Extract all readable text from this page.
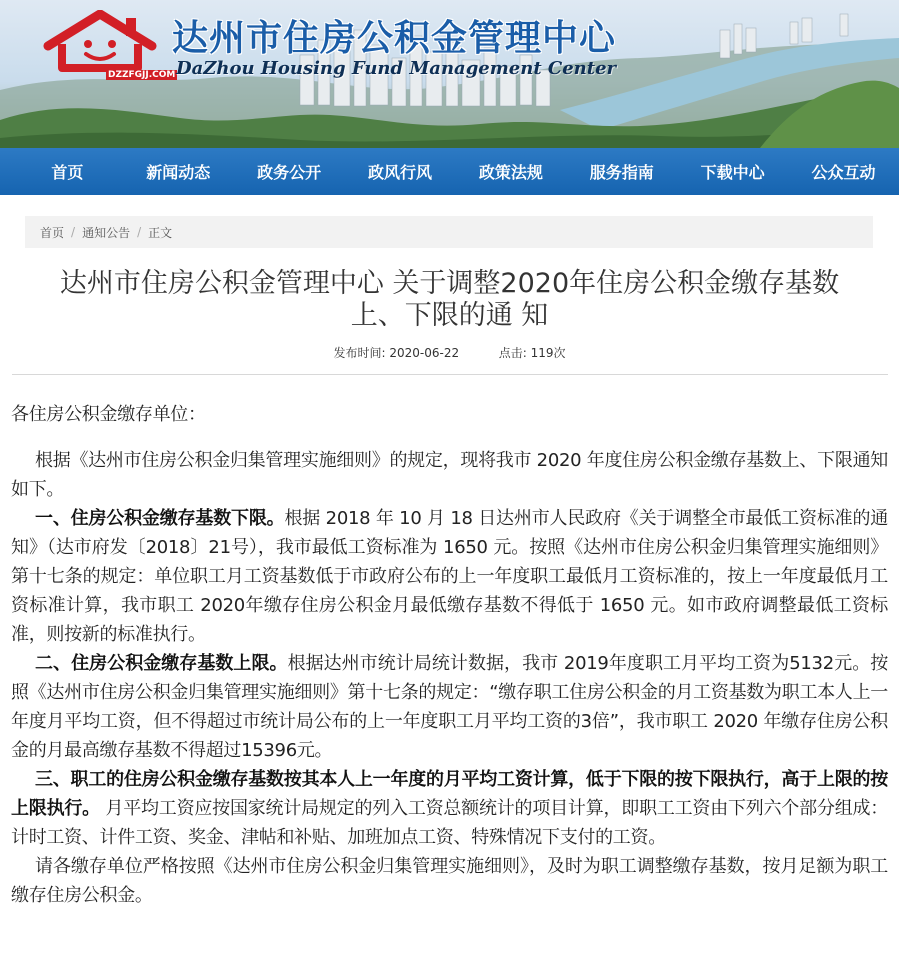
DZZFGJJ.COM
达州市住房公积金管理中心
DaZhou Housing Fund Management Center
首页	新闻动态	政务公开	政风行风	政策法规	服务指南	下载中心	公众互动
首页 / 通知公告 / 正文
达州市住房公积金管理中心 关于调整2020年住房公积金缴存基数
上、下限的通 知
发布时间: 2020-06-22	点击: 119次

各住房公积金缴存单位：

根据《达州市住房公积金归集管理实施细则》的规定，现将我市 2020 年度住房公积金缴存基数上、下限通知如下。

一、住房公积金缴存基数下限。根据 2018 年 10 月 18 日达州市人民政府《关于调整全市最低工资标准的通知》（达市府发〔2018〕21号），我市最低工资标准为 1650 元。按照《达州市住房公积金归集管理实施细则》第十七条的规定：单位职工月工资基数低于市政府公布的上一年度职工最低月工资标准的，按上一年度最低月工资标准计算，我市职工 2020年缴存住房公积金月最低缴存基数不得低于 1650 元。如市政府调整最低工资标准，则按新的标准执行。

二、住房公积金缴存基数上限。根据达州市统计局统计数据，我市 2019年度职工月平均工资为5132元。按照《达州市住房公积金归集管理实施细则》第十七条的规定：“缴存职工住房公积金的月工资基数为职工本人上一年度月平均工资，但不得超过市统计局公布的上一年度职工月平均工资的3倍”，我市职工 2020 年缴存住房公积金的月最高缴存基数不得超过15396元。

三、职工的住房公积金缴存基数按其本人上一年度的月平均工资计算，低于下限的按下限执行，高于上限的按上限执行。 月平均工资应按国家统计局规定的列入工资总额统计的项目计算，即职工工资由下列六个部分组成：计时工资、计件工资、奖金、津帖和补贴、加班加点工资、特殊情况下支付的工资。

请各缴存单位严格按照《达州市住房公积金归集管理实施细则》，及时为职工调整缴存基数，按月足额为职工缴存住房公积金。
